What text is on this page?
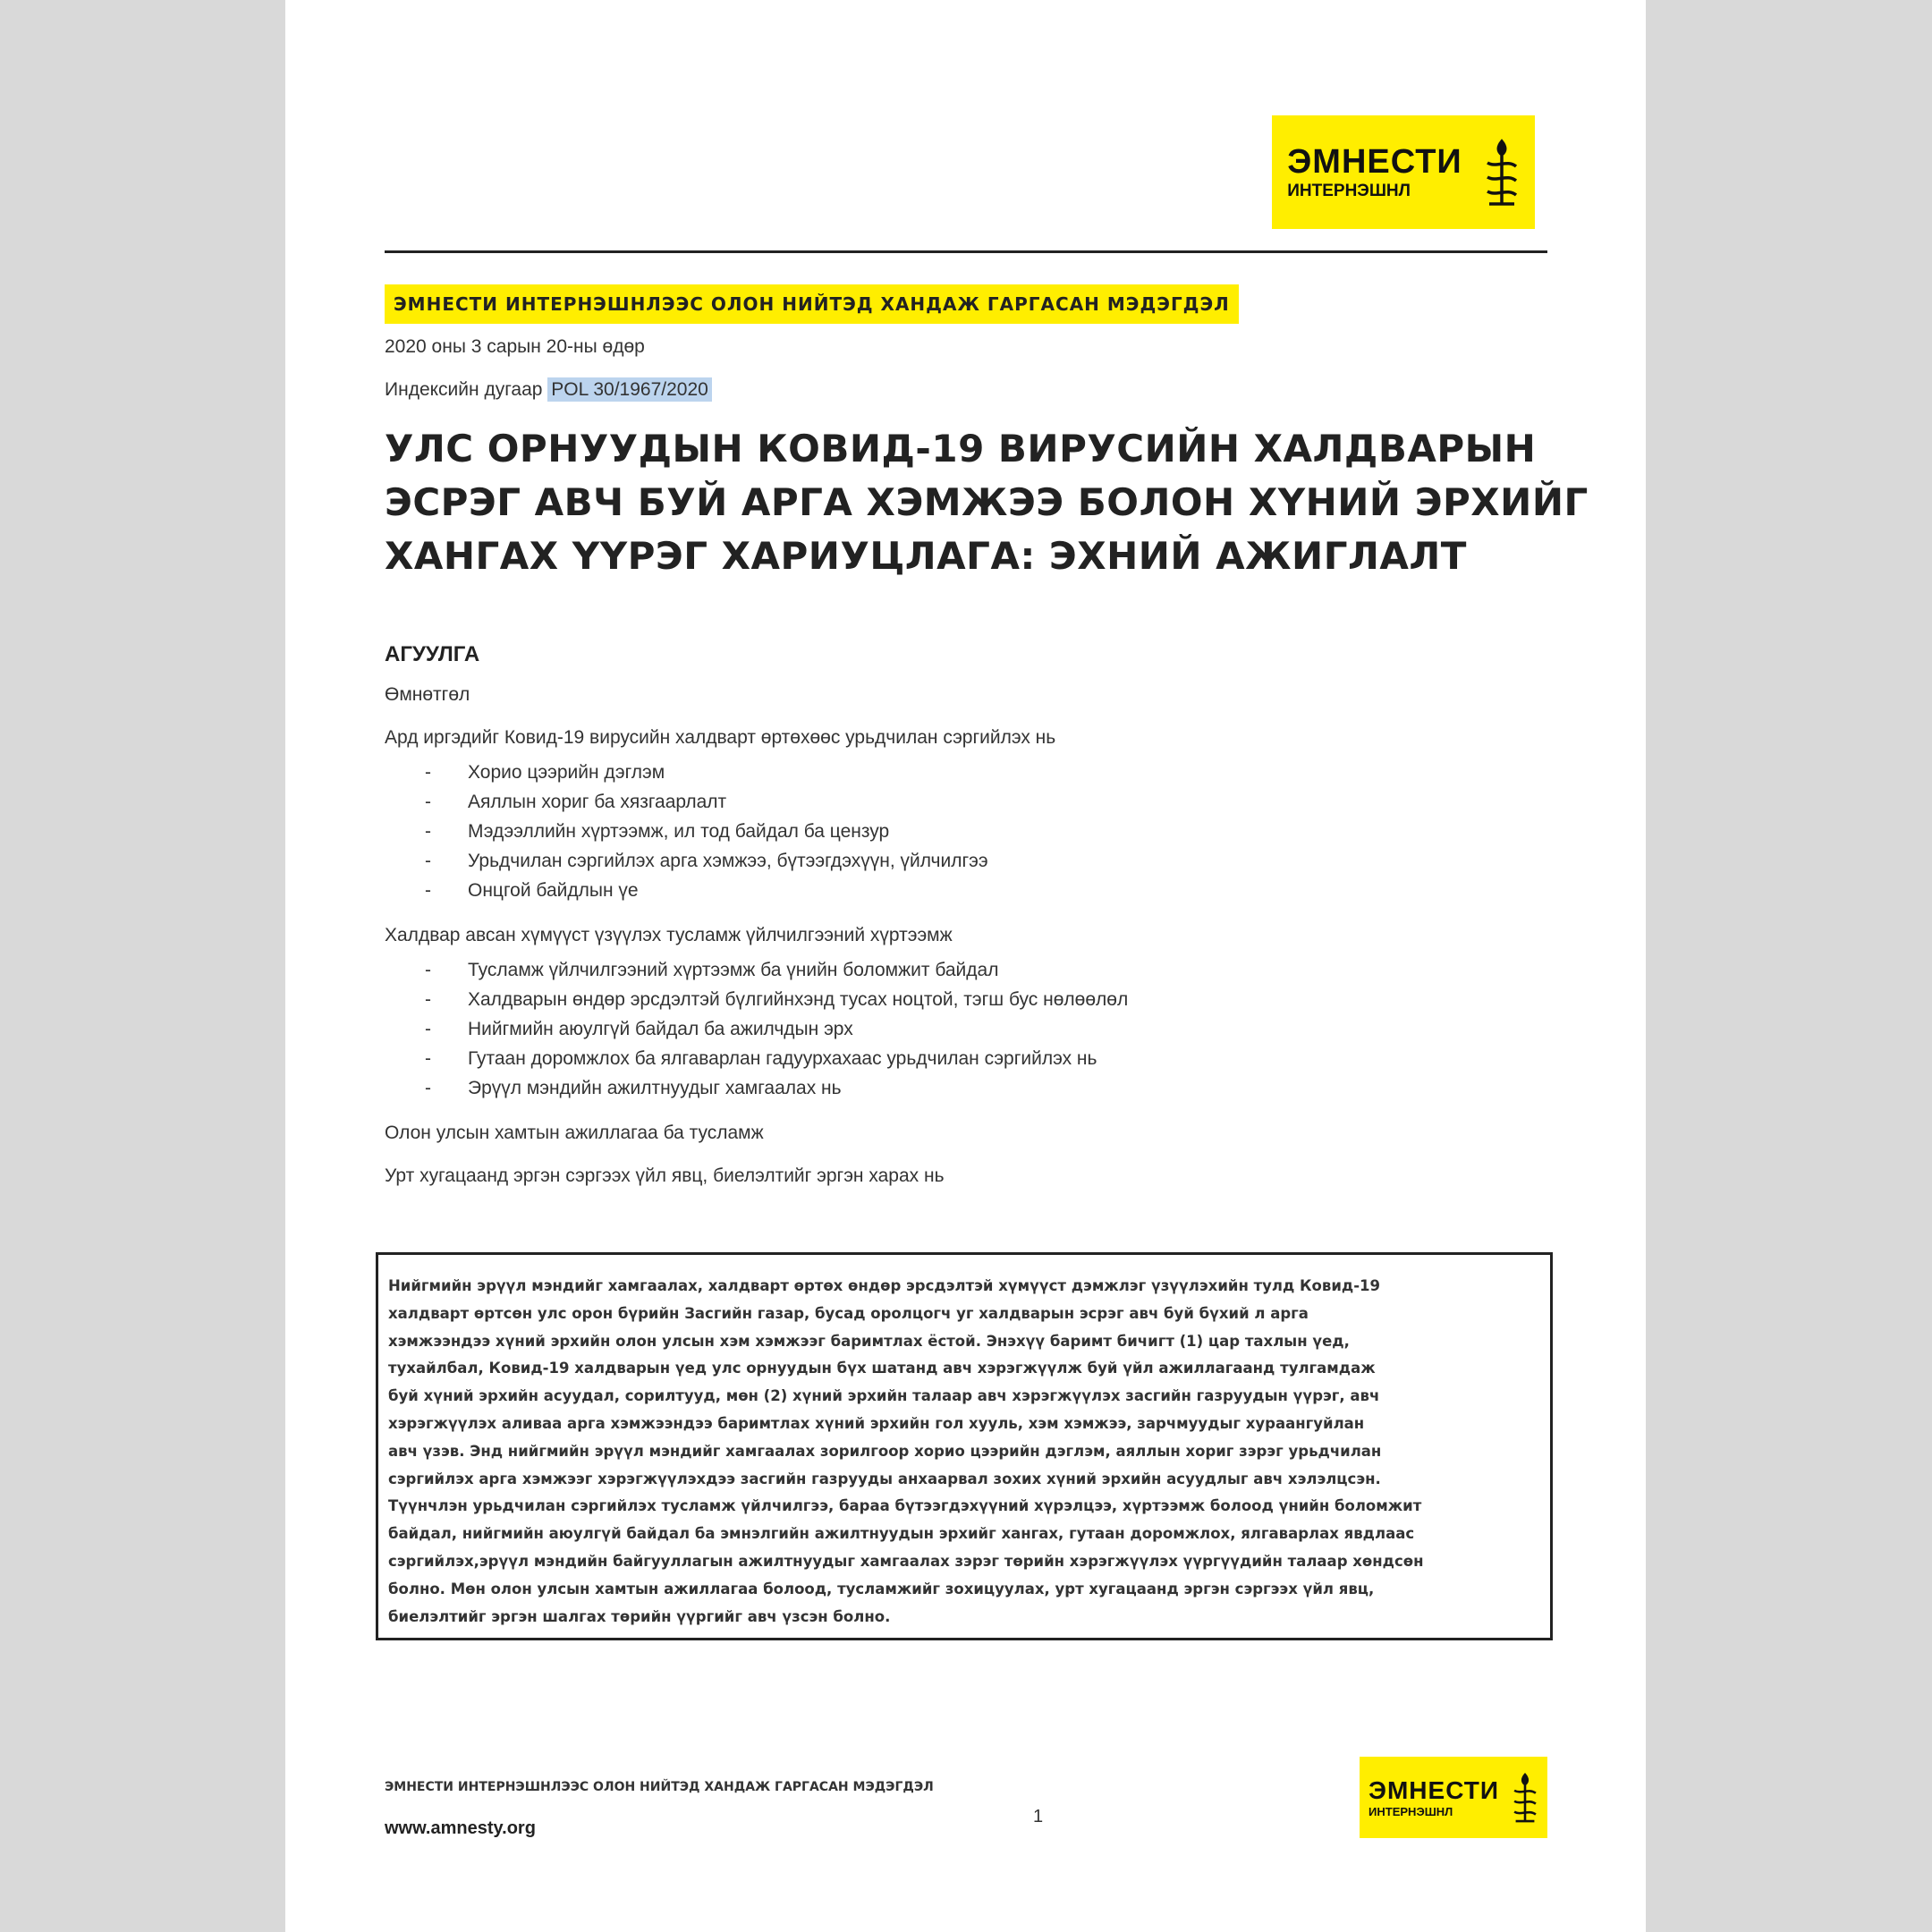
ЭМНЕСТИ
ИНТЕРНЭШНЛ
ЭМНЕСТИ ИНТЕРНЭШНЛЭЭС ОЛОН НИЙТЭД ХАНДАЖ ГАРГАСАН МЭДЭГДЭЛ
2020 оны 3 сарын 20-ны өдөр
Индексийн дугаар POL 30/1967/2020
УЛС ОРНУУДЫН КОВИД-19 ВИРУСИЙН ХАЛДВАРЫН
ЭСРЭГ АВЧ БУЙ АРГА ХЭМЖЭЭ БОЛОН ХҮНИЙ ЭРХИЙГ
ХАНГАХ ҮҮРЭГ ХАРИУЦЛАГА: ЭХНИЙ АЖИГЛАЛТ
АГУУЛГА
Өмнөтгөл
Ард иргэдийг Ковид-19 вирусийн халдварт өртөхөөс урьдчилан сэргийлэх нь
- Хорио цээрийн дэглэм
- Аяллын хориг ба хязгаарлалт
- Мэдээллийн хүртээмж, ил тод байдал ба цензур
- Урьдчилан сэргийлэх арга хэмжээ, бүтээгдэхүүн, үйлчилгээ
- Онцгой байдлын үе
Халдвар авсан хүмүүст үзүүлэх тусламж үйлчилгээний хүртээмж
- Тусламж үйлчилгээний хүртээмж ба үнийн боломжит байдал
- Халдварын өндөр эрсдэлтэй бүлгийнхэнд тусах ноцтой, тэгш бус нөлөөлөл
- Нийгмийн аюулгүй байдал ба ажилчдын эрх
- Гутаан доромжлох ба ялгаварлан гадуурхахаас урьдчилан сэргийлэх нь
- Эрүүл мэндийн ажилтнуудыг хамгаалах нь
Олон улсын хамтын ажиллагаа ба тусламж
Урт хугацаанд эргэн сэргээх үйл явц, биелэлтийг эргэн харах нь
Нийгмийн эрүүл мэндийг хамгаалах, халдварт өртөх өндөр эрсдэлтэй хүмүүст дэмжлэг үзүүлэхийн тулд Ковид-19
халдварт өртсөн улс орон бүрийн Засгийн газар, бусад оролцогч уг халдварын эсрэг авч буй бүхий л арга
хэмжээндээ хүний эрхийн олон улсын хэм хэмжээг баримтлах ёстой. Энэхүү баримт бичигт (1) цар тахлын үед,
тухайлбал, Ковид-19 халдварын үед улс орнуудын бүх шатанд авч хэрэгжүүлж буй үйл ажиллагаанд тулгамдаж
буй хүний эрхийн асуудал, сорилтууд, мөн (2) хүний эрхийн талаар авч хэрэгжүүлэх засгийн газруудын үүрэг, авч
хэрэгжүүлэх аливаа арга хэмжээндээ баримтлах хүний эрхийн гол хууль, хэм хэмжээ, зарчмуудыг хураангуйлан
авч үзэв. Энд нийгмийн эрүүл мэндийг хамгаалах зорилгоор хорио цээрийн дэглэм, аяллын хориг зэрэг урьдчилан
сэргийлэх арга хэмжээг хэрэгжүүлэхдээ засгийн газрууды анхаарвал зохих хүний эрхийн асуудлыг авч хэлэлцсэн.
Түүнчлэн урьдчилан сэргийлэх тусламж үйлчилгээ, бараа бүтээгдэхүүний хүрэлцээ, хүртээмж болоод үнийн боломжит
байдал, нийгмийн аюулгүй байдал ба эмнэлгийн ажилтнуудын эрхийг хангах, гутаан доромжлох, ялгаварлах явдлаас
сэргийлэх,эрүүл мэндийн байгууллагын ажилтнуудыг хамгаалах зэрэг төрийн хэрэгжүүлэх үүргүүдийн талаар хөндсөн
болно. Мөн олон улсын хамтын ажиллагаа болоод, тусламжийг зохицуулах, урт хугацаанд эргэн сэргээх үйл явц,
биелэлтийг эргэн шалгах төрийн үүргийг авч үзсэн болно.
ЭМНЕСТИ ИНТЕРНЭШНЛЭЭС ОЛОН НИЙТЭД ХАНДАЖ ГАРГАСАН МЭДЭГДЭЛ
www.amnesty.org
1
ЭМНЕСТИ
ИНТЕРНЭШНЛ
